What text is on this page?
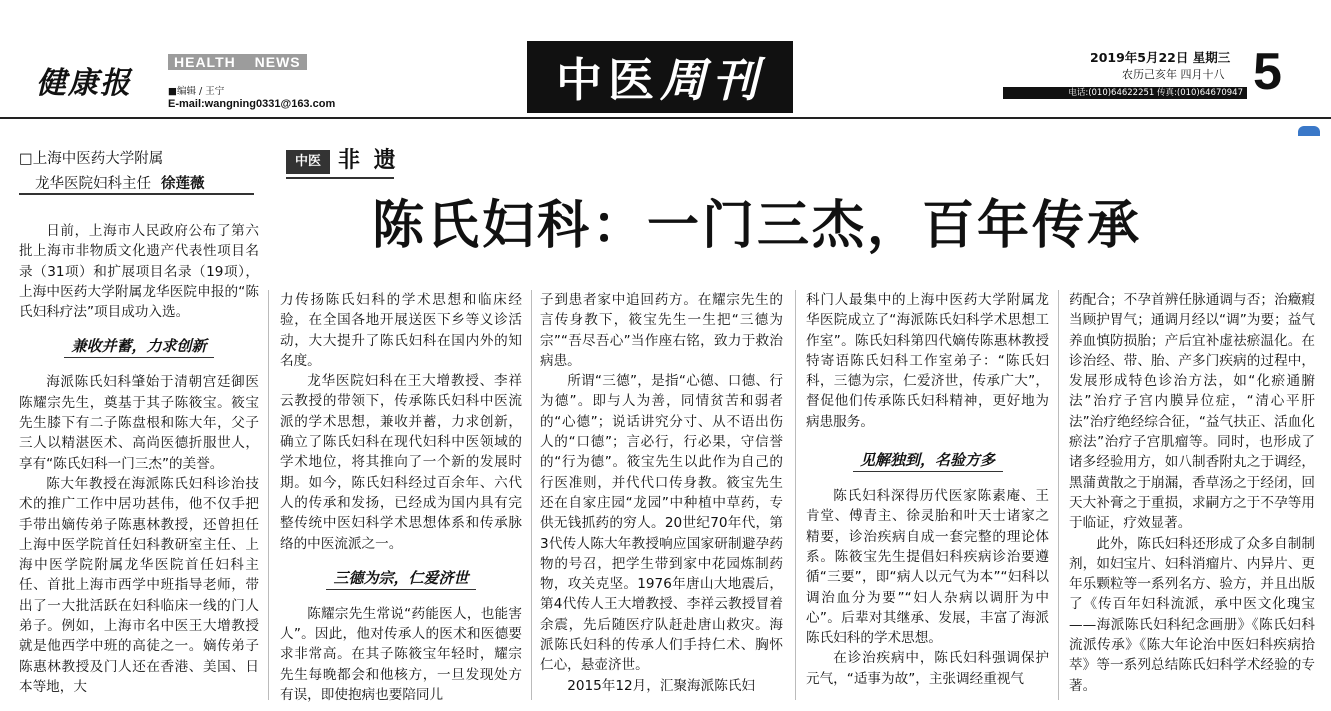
健康报
HEALTH NEWS
■编辑 / 王宁
E-mail:wangning0331@163.com	中医 周刊	2019年5月22日 星期三
农历己亥年 四月十八 5
电话:(010)64622251 传真:(010)64670947
□上海中医药大学附属
龙华医院妇科主任 徐莲薇
中医 非 遗
陈氏妇科：一门三杰，百年传承

日前，上海市人民政府公布了第六批上海市非物质文化遗产代表性项目名录（31项）和扩展项目名录（19项），上海中医药大学附属龙华医院申报的“陈氏妇科疗法”项目成功入选。

兼收并蓄，力求创新

海派陈氏妇科肇始于清朝宫廷御医陈耀宗先生，奠基于其子陈筱宝。筱宝先生膝下有二子陈盘根和陈大年，父子三人以精湛医术、高尚医德折服世人，享有“陈氏妇科一门三杰”的美誉。

陈大年教授在海派陈氏妇科诊治技术的推广工作中居功甚伟，他不仅手把手带出嫡传弟子陈惠林教授，还曾担任上海中医学院首任妇科教研室主任、上海中医学院附属龙华医院首任妇科主任、首批上海市西学中班指导老师，带出了一大批活跃在妇科临床一线的门人弟子。例如，上海市名中医王大增教授就是他西学中班的高徒之一。嫡传弟子陈惠林教授及门人还在香港、美国、日本等地，大

力传扬陈氏妇科的学术思想和临床经验，在全国各地开展送医下乡等义诊活动，大大提升了陈氏妇科在国内外的知名度。

龙华医院妇科在王大增教授、李祥云教授的带领下，传承陈氏妇科中医流派的学术思想，兼收并蓄，力求创新，确立了陈氏妇科在现代妇科中医领域的学术地位，将其推向了一个新的发展时期。如今，陈氏妇科经过百余年、六代人的传承和发扬，已经成为国内具有完整传统中医妇科学术思想体系和传承脉络的中医流派之一。

三德为宗，仁爱济世

陈耀宗先生常说“药能医人，也能害人”。因此，他对传承人的医术和医德要求非常高。在其子陈筱宝年轻时，耀宗先生每晚都会和他核方，一旦发现处方有误，即使抱病也要陪同儿

子到患者家中追回药方。在耀宗先生的言传身教下，筱宝先生一生把“三德为宗”“吾尽吾心”当作座右铭，致力于救治病患。

所谓“三德”，是指“心德、口德、行为德”。即与人为善，同情贫苦和弱者的“心德”；说话讲究分寸、从不语出伤人的“口德”；言必行，行必果，守信誉的“行为德”。筱宝先生以此作为自己的行医准则，并代代口传身教。筱宝先生还在自家庄园“龙园”中种植中草药，专供无钱抓药的穷人。20世纪70年代，第3代传人陈大年教授响应国家研制避孕药物的号召，把学生带到家中花园炼制药物，攻关克坚。1976年唐山大地震后，第4代传人王大增教授、李祥云教授冒着余震，先后随医疗队赶赴唐山救灾。海派陈氏妇科的传承人们手持仁术、胸怀仁心，悬壶济世。

2015年12月，汇聚海派陈氏妇

科门人最集中的上海中医药大学附属龙华医院成立了“海派陈氏妇科学术思想工作室”。陈氏妇科第四代嫡传陈惠林教授特寄语陈氏妇科工作室弟子：“陈氏妇科，三德为宗，仁爱济世，传承广大”，督促他们传承陈氏妇科精神，更好地为病患服务。

见解独到，名验方多

陈氏妇科深得历代医家陈素庵、王肯堂、傅青主、徐灵胎和叶天士诸家之精要，诊治疾病自成一套完整的理论体系。陈筱宝先生提倡妇科疾病诊治要遵循“三要”，即“病人以元气为本”“妇科以调治血分为要”“妇人杂病以调肝为中心”。后辈对其继承、发展，丰富了海派陈氏妇科的学术思想。

在诊治疾病中，陈氏妇科强调保护元气，“适事为故”，主张调经重视气

药配合；不孕首辨任脉通调与否；治癥瘕当顾护胃气；通调月经以“调”为要；益气养血慎防损胎；产后宜补虚祛瘀温化。在诊治经、带、胎、产多门疾病的过程中，发展形成特色诊治方法，如“化瘀通腑法”治疗子宫内膜异位症，“清心平肝法”治疗绝经综合征，“益气扶正、活血化瘀法”治疗子宫肌瘤等。同时，也形成了诸多经验用方，如八制香附丸之于调经，黑蒲黄散之于崩漏，香草汤之于经闭，回天大补膏之于重损，求嗣方之于不孕等用于临证，疗效显著。

此外，陈氏妇科还形成了众多自制制剂，如妇宝片、妇科消瘤片、内异片、更年乐颗粒等一系列名方、验方，并且出版了《传百年妇科流派，承中医文化瑰宝——海派陈氏妇科纪念画册》《陈氏妇科流派传承》《陈大年论治中医妇科疾病拾萃》等一系列总结陈氏妇科学术经验的专著。
